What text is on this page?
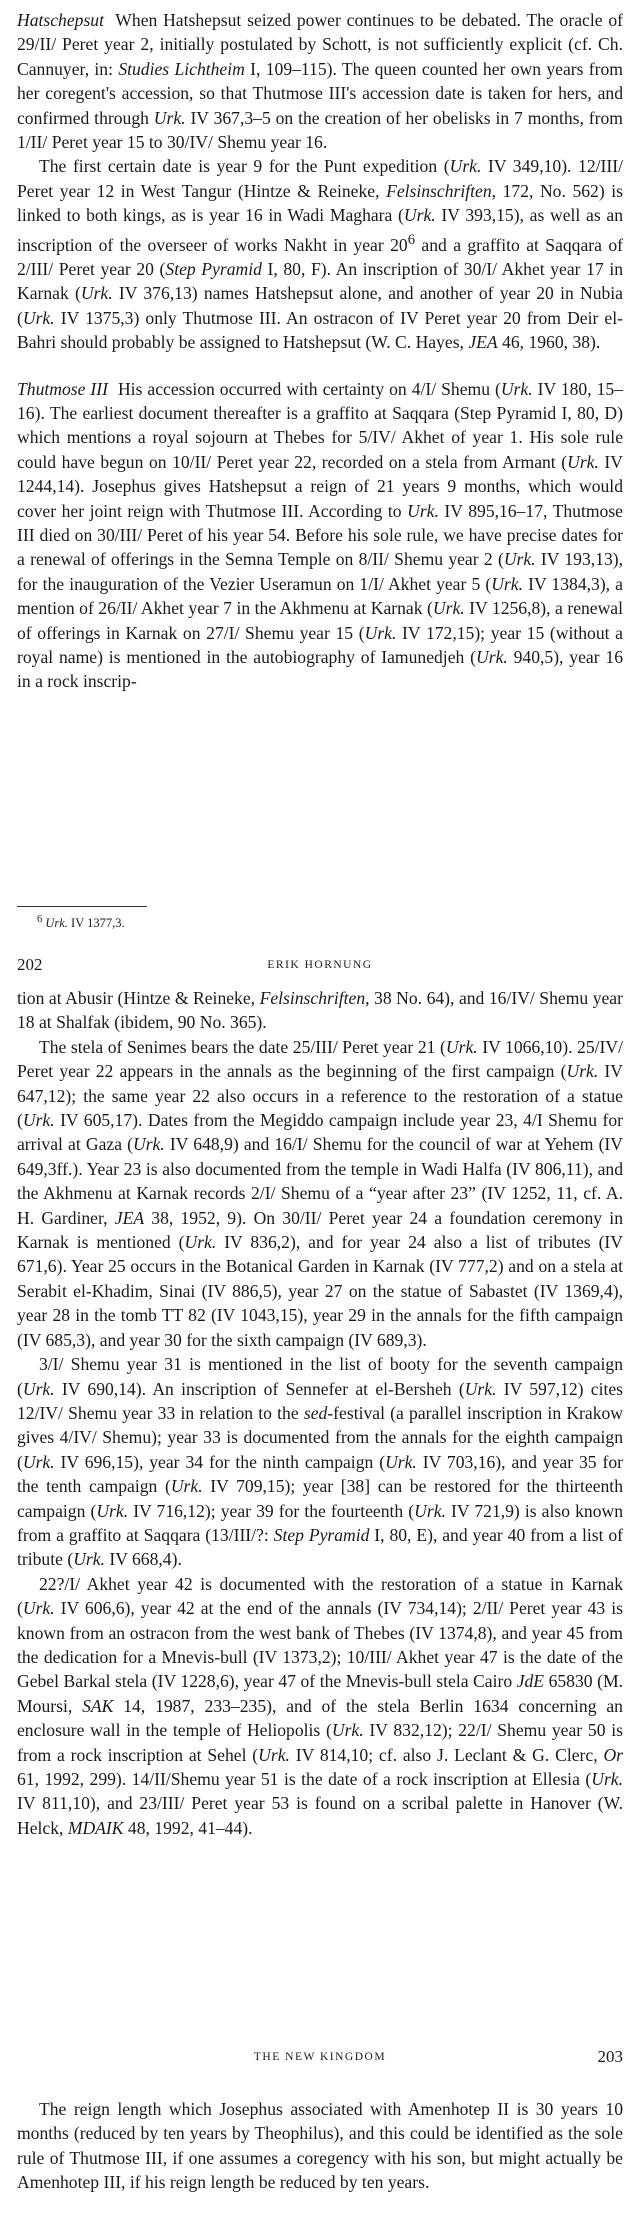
Hatschepsut  When Hatshepsut seized power continues to be debated. The oracle of 29/II/ Peret year 2, initially postulated by Schott, is not sufficiently explicit (cf. Ch. Cannuyer, in: Studies Lichtheim I, 109–115). The queen counted her own years from her coregent's accession, so that Thutmose III's accession date is taken for hers, and confirmed through Urk. IV 367,3–5 on the creation of her obelisks in 7 months, from 1/II/ Peret year 15 to 30/IV/ Shemu year 16.

The first certain date is year 9 for the Punt expedition (Urk. IV 349,10). 12/III/ Peret year 12 in West Tangur (Hintze & Reineke, Felsinschriften, 172, No. 562) is linked to both kings, as is year 16 in Wadi Maghara (Urk. IV 393,15), as well as an inscription of the overseer of works Nakht in year $20^6$ and a graffito at Saqqara of 2/III/ Peret year 20 (Step Pyramid I, 80, F). An inscription of 30/I/ Akhet year 17 in Karnak (Urk. IV 376,13) names Hatshepsut alone, and another of year 20 in Nubia (Urk. IV 1375,3) only Thutmose III. An ostracon of IV Peret year 20 from Deir el-Bahri should probably be assigned to Hatshepsut (W. C. Hayes, JEA 46, 1960, 38).

Thutmose III  His accession occurred with certainty on 4/I/ Shemu (Urk. IV 180, 15–16). The earliest document thereafter is a graffito at Saqqara (Step Pyramid I, 80, D) which mentions a royal sojourn at Thebes for 5/IV/ Akhet of year 1. His sole rule could have begun on 10/II/ Peret year 22, recorded on a stela from Armant (Urk. IV 1244,14). Josephus gives Hatshepsut a reign of 21 years 9 months, which would cover her joint reign with Thutmose III. According to Urk. IV 895,16–17, Thutmose III died on 30/III/ Peret of his year 54. Before his sole rule, we have precise dates for a renewal of offerings in the Semna Temple on 8/II/ Shemu year 2 (Urk. IV 193,13), for the inauguration of the Vezier Useramun on 1/I/ Akhet year 5 (Urk. IV 1384,3), a mention of 26/II/ Akhet year 7 in the Akhmenu at Karnak (Urk. IV 1256,8), a renewal of offerings in Karnak on 27/I/ Shemu year 15 (Urk. IV 172,15); year 15 (without a royal name) is mentioned in the autobiography of Iamunedjeh (Urk. 940,5), year 16 in a rock inscrip-

$^6$ Urk. IV 1377,3.
202	ERIK HORNUNG

tion at Abusir (Hintze & Reineke, Felsinschriften, 38 No. 64), and 16/IV/ Shemu year 18 at Shalfak (ibidem, 90 No. 365).

The stela of Senimes bears the date 25/III/ Peret year 21 (Urk. IV 1066,10). 25/IV/ Peret year 22 appears in the annals as the beginning of the first campaign (Urk. IV 647,12); the same year 22 also occurs in a reference to the restoration of a statue (Urk. IV 605,17). Dates from the Megiddo campaign include year 23, 4/I Shemu for arrival at Gaza (Urk. IV 648,9) and 16/I/ Shemu for the council of war at Yehem (IV 649,3ff.). Year 23 is also documented from the temple in Wadi Halfa (IV 806,11), and the Akhmenu at Karnak records 2/I/ Shemu of a “year after 23” (IV 1252, 11, cf. A. H. Gardiner, JEA 38, 1952, 9). On 30/II/ Peret year 24 a foundation ceremony in Karnak is mentioned (Urk. IV 836,2), and for year 24 also a list of tributes (IV 671,6). Year 25 occurs in the Botanical Garden in Karnak (IV 777,2) and on a stela at Serabit el-Khadim, Sinai (IV 886,5), year 27 on the statue of Sabastet (IV 1369,4), year 28 in the tomb TT 82 (IV 1043,15), year 29 in the annals for the fifth campaign (IV 685,3), and year 30 for the sixth campaign (IV 689,3).

3/I/ Shemu year 31 is mentioned in the list of booty for the seventh campaign (Urk. IV 690,14). An inscription of Sennefer at el-Bersheh (Urk. IV 597,12) cites 12/IV/ Shemu year 33 in relation to the sed-festival (a parallel inscription in Krakow gives 4/IV/ Shemu); year 33 is documented from the annals for the eighth campaign (Urk. IV 696,15), year 34 for the ninth campaign (Urk. IV 703,16), and year 35 for the tenth campaign (Urk. IV 709,15); year [38] can be restored for the thirteenth campaign (Urk. IV 716,12); year 39 for the fourteenth (Urk. IV 721,9) is also known from a graffito at Saqqara (13/III/?: Step Pyramid I, 80, E), and year 40 from a list of tribute (Urk. IV 668,4).

22?/I/ Akhet year 42 is documented with the restoration of a statue in Karnak (Urk. IV 606,6), year 42 at the end of the annals (IV 734,14); 2/II/ Peret year 43 is known from an ostracon from the west bank of Thebes (IV 1374,8), and year 45 from the dedication for a Mnevis-bull (IV 1373,2); 10/III/ Akhet year 47 is the date of the Gebel Barkal stela (IV 1228,6), year 47 of the Mnevis-bull stela Cairo JdE 65830 (M. Moursi, SAK 14, 1987, 233–235), and of the stela Berlin 1634 concerning an enclosure wall in the temple of Heliopolis (Urk. IV 832,12); 22/I/ Shemu year 50 is from a rock inscription at Sehel (Urk. IV 814,10; cf. also J. Leclant & G. Clerc, Or 61, 1992, 299). 14/II/Shemu year 51 is the date of a rock inscription at Ellesia (Urk. IV 811,10), and 23/III/ Peret year 53 is found on a scribal palette in Hanover (W. Helck, MDAIK 48, 1992, 41–44).

THE NEW KINGDOM	203

The reign length which Josephus associated with Amenhotep II is 30 years 10 months (reduced by ten years by Theophilus), and this could be identified as the sole rule of Thutmose III, if one assumes a coregency with his son, but might actually be Amenhotep III, if his reign length be reduced by ten years.
